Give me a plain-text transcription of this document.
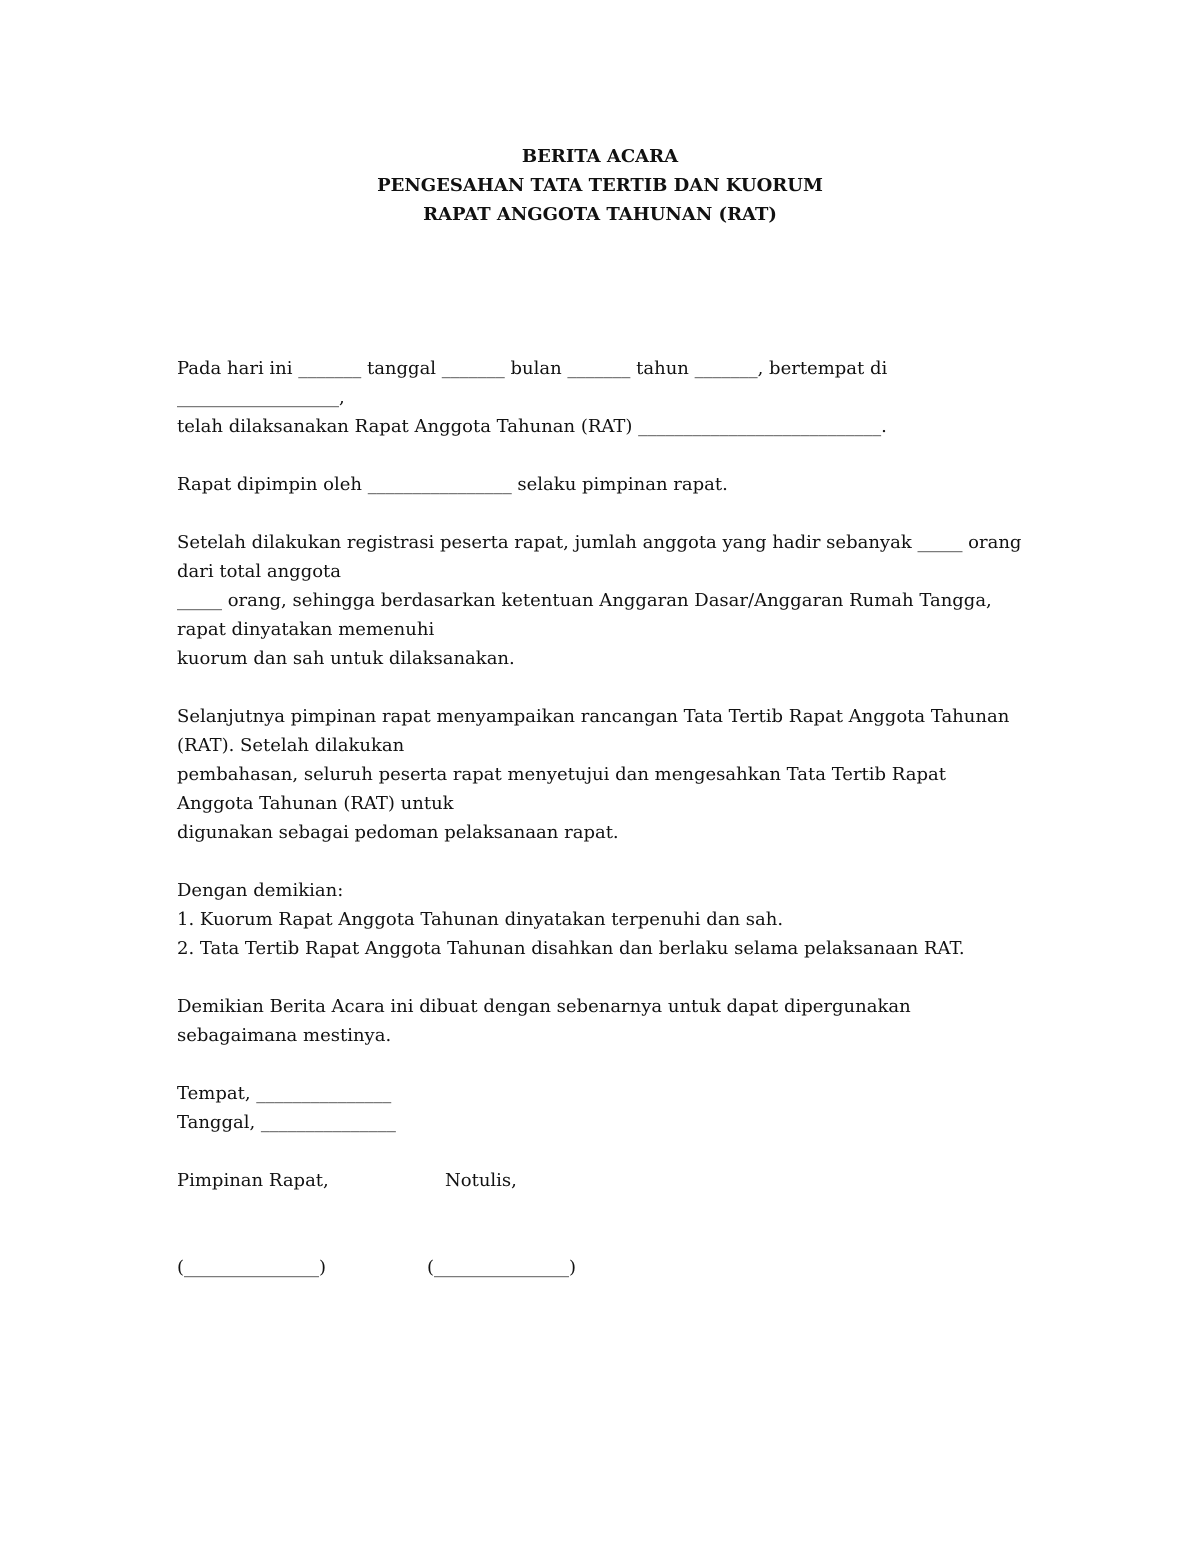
BERITA ACARA
PENGESAHAN TATA TERTIB DAN KUORUM
RAPAT ANGGOTA TAHUNAN (RAT)
Pada hari ini _______ tanggal _______ bulan _______ tahun _______, bertempat di
__________________,
telah dilaksanakan Rapat Anggota Tahunan (RAT) ___________________________.
Rapat dipimpin oleh ________________ selaku pimpinan rapat.
Setelah dilakukan registrasi peserta rapat, jumlah anggota yang hadir sebanyak _____ orang
dari total anggota
_____ orang, sehingga berdasarkan ketentuan Anggaran Dasar/Anggaran Rumah Tangga,
rapat dinyatakan memenuhi
kuorum dan sah untuk dilaksanakan.
Selanjutnya pimpinan rapat menyampaikan rancangan Tata Tertib Rapat Anggota Tahunan
(RAT). Setelah dilakukan
pembahasan, seluruh peserta rapat menyetujui dan mengesahkan Tata Tertib Rapat
Anggota Tahunan (RAT) untuk
digunakan sebagai pedoman pelaksanaan rapat.
Dengan demikian:
1. Kuorum Rapat Anggota Tahunan dinyatakan terpenuhi dan sah.
2. Tata Tertib Rapat Anggota Tahunan disahkan dan berlaku selama pelaksanaan RAT.
Demikian Berita Acara ini dibuat dengan sebenarnya untuk dapat dipergunakan
sebagaimana mestinya.
Tempat, _______________
Tanggal, _______________
Pimpinan Rapat,	Notulis,
(_______________)	(_______________)
